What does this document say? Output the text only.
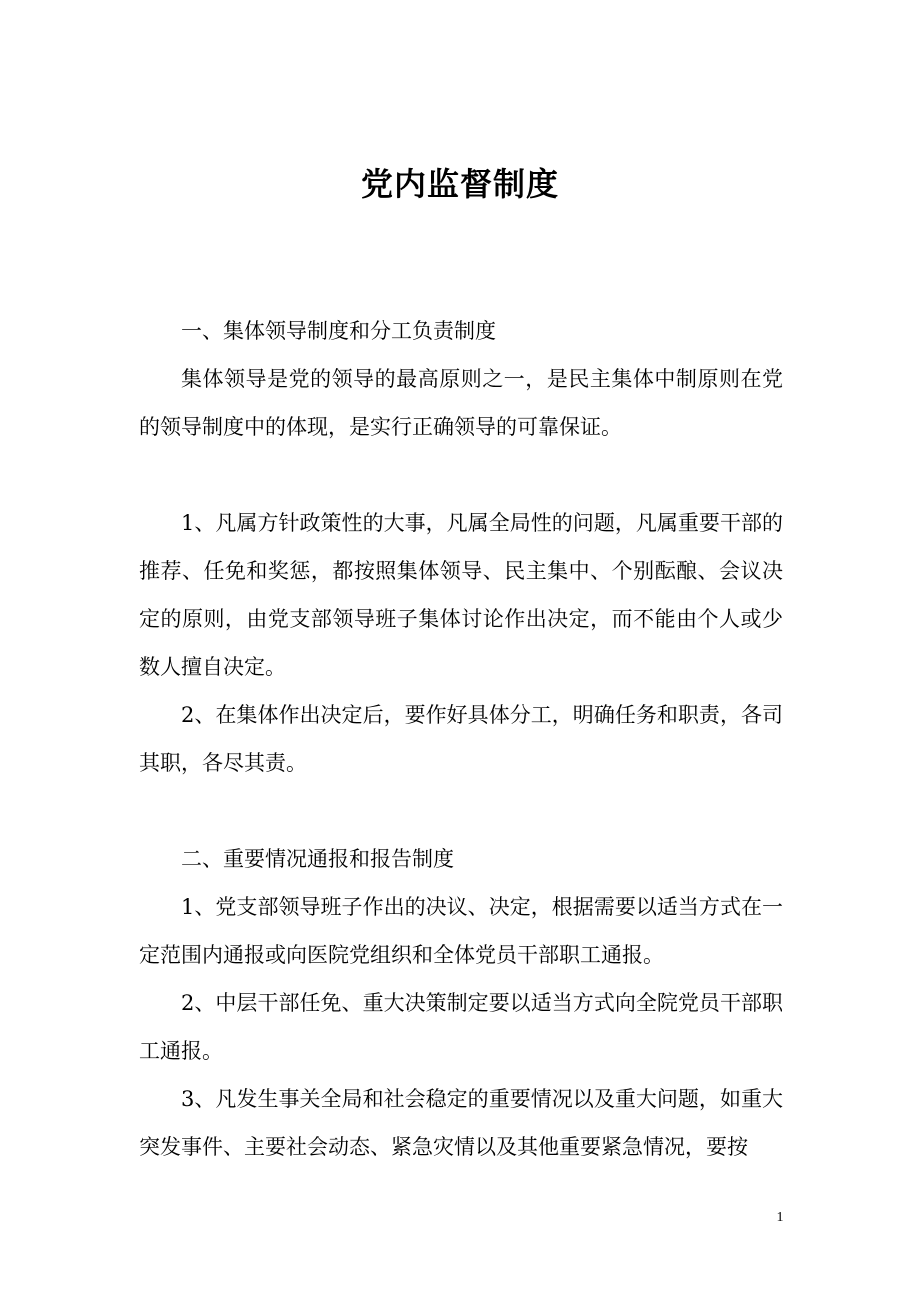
党内监督制度

一、集体领导制度和分工负责制度

集体领导是党的领导的最高原则之一，是民主集体中制原则在党的领导制度中的体现，是实行正确领导的可靠保证。

1、凡属方针政策性的大事，凡属全局性的问题，凡属重要干部的推荐、任免和奖惩，都按照集体领导、民主集中、个别酝酿、会议决定的原则，由党支部领导班子集体讨论作出决定，而不能由个人或少数人擅自决定。

2、在集体作出决定后，要作好具体分工，明确任务和职责，各司其职，各尽其责。

二、重要情况通报和报告制度

1、党支部领导班子作出的决议、决定，根据需要以适当方式在一定范围内通报或向医院党组织和全体党员干部职工通报。

2、中层干部任免、重大决策制定要以适当方式向全院党员干部职工通报。

3、凡发生事关全局和社会稳定的重要情况以及重大问题，如重大突发事件、主要社会动态、紧急灾情以及其他重要紧急情况，要按

1
